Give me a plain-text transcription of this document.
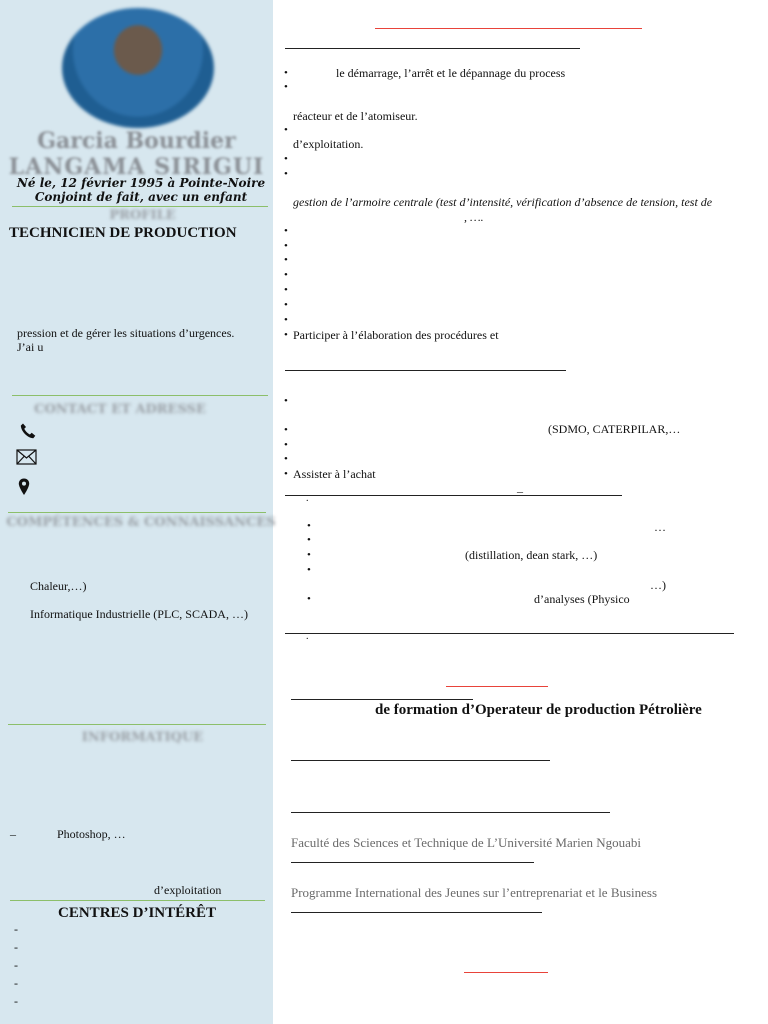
Garcia Bourdier
LANGAMA SIRIGUI
Né le, 12 février 1995 à Pointe-Noire
Conjoint de fait, avec un enfant
PROFILE
TECHNICIEN DE PRODUCTION
pression et de gérer les situations d’urgences.
J’ai u
CONTACT ET ADRESSE
COMPÉTENCES & CONNAISSANCES
Chaleur,…)
Informatique Industrielle (PLC, SCADA, …)
INFORMATIQUE
–	Photoshop, …
d’exploitation
CENTRES D’INTÉRÊT
-
-
-
-
-
•	le démarrage, l’arrêt et le dépannage du process
•
réacteur et de l’atomiseur.
•
d’exploitation.
•
•
gestion de l’armoire centrale (test d’intensité, vérification d’absence de tension, test de
, ….
•
•
•
•
•
•
•
• Participer à l’élaboration des procédures et
•
•	(SDMO, CATERPILAR,…
•
•
• Assister à l’achat
_
.
•	…
•
•	(distillation, dean stark, …)
•
…)
•	d’analyses (Physico
.
de formation d’Operateur de production Pétrolière
Faculté des Sciences et Technique de L’Université Marien Ngouabi
Programme International des Jeunes sur l’entreprenariat et le Business
